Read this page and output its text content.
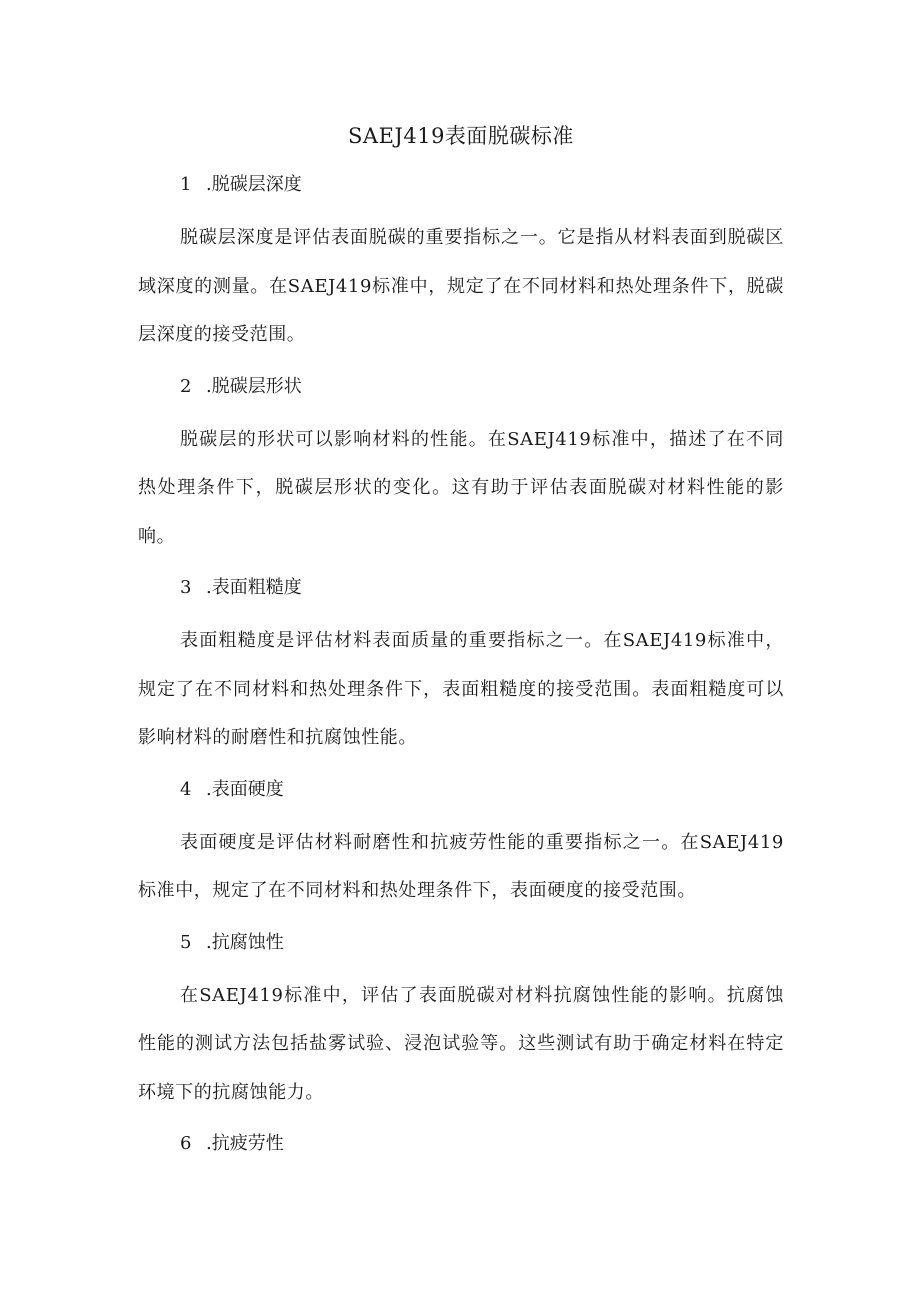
SAEJ419表面脱碳标准
1 .脱碳层深度

脱碳层深度是评估表面脱碳的重要指标之一。它是指从材料表面到脱碳区域深度的测量。在SAEJ419标准中，规定了在不同材料和热处理条件下，脱碳层深度的接受范围。

2 .脱碳层形状

脱碳层的形状可以影响材料的性能。在SAEJ419标准中，描述了在不同热处理条件下，脱碳层形状的变化。这有助于评估表面脱碳对材料性能的影响。

3 .表面粗糙度

表面粗糙度是评估材料表面质量的重要指标之一。在SAEJ419标准中，规定了在不同材料和热处理条件下，表面粗糙度的接受范围。表面粗糙度可以影响材料的耐磨性和抗腐蚀性能。

4 .表面硬度

表面硬度是评估材料耐磨性和抗疲劳性能的重要指标之一。在SAEJ419标准中，规定了在不同材料和热处理条件下，表面硬度的接受范围。

5 .抗腐蚀性

在SAEJ419标准中，评估了表面脱碳对材料抗腐蚀性能的影响。抗腐蚀性能的测试方法包括盐雾试验、浸泡试验等。这些测试有助于确定材料在特定环境下的抗腐蚀能力。

6 .抗疲劳性
